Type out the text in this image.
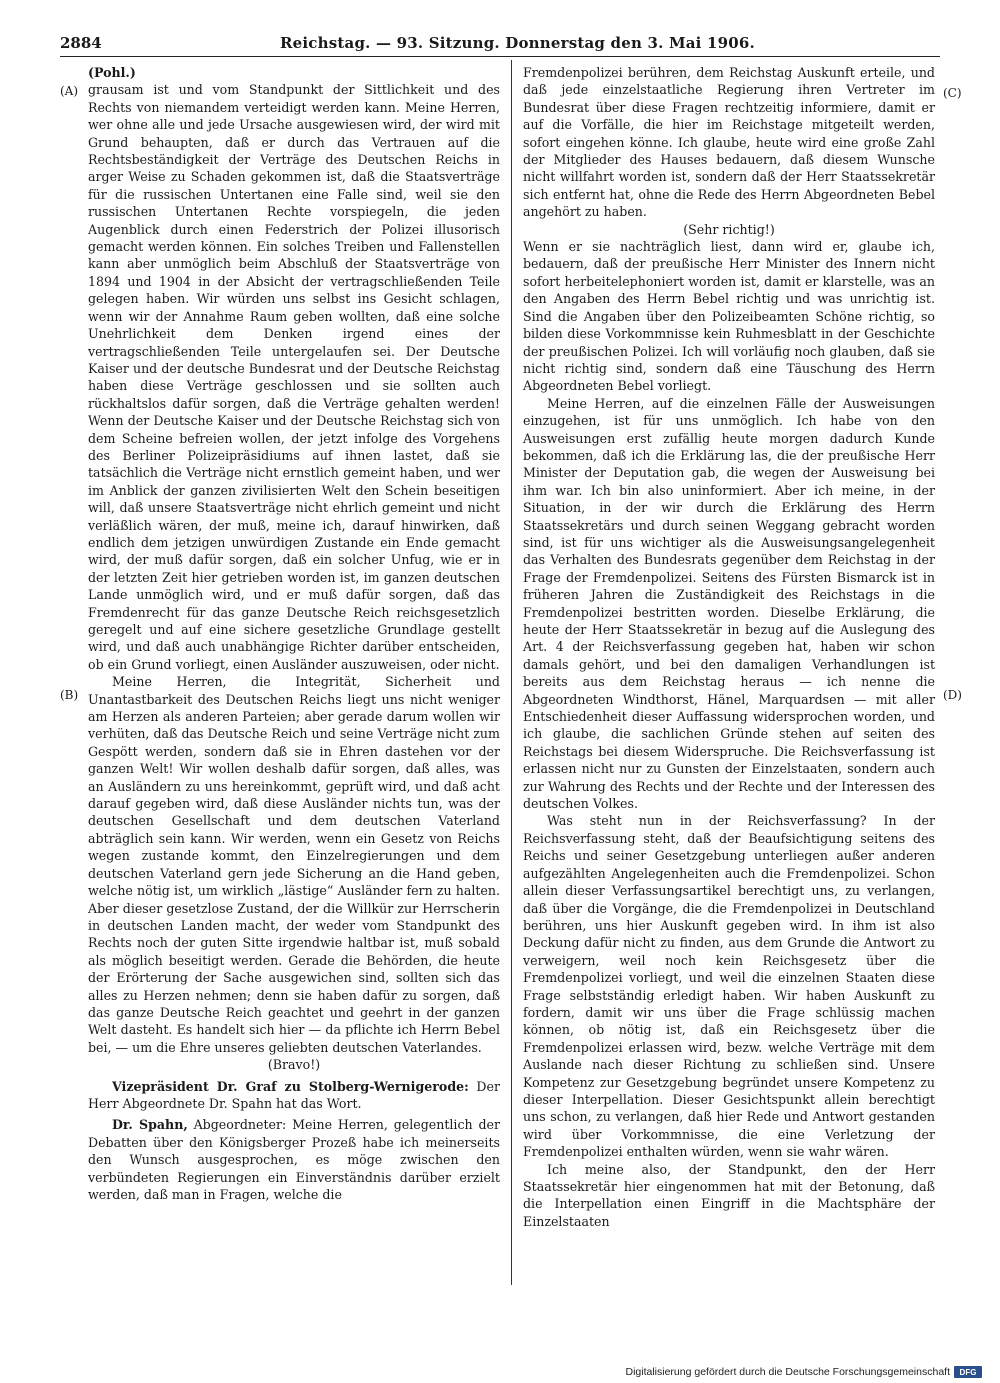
2884	Reichstag. — 93. Sitzung. Donnerstag den 3. Mai 1906.
(A)
(B)
(C)
(D)

(Pohl.)

grausam ist und vom Standpunkt der Sittlichkeit und des Rechts von niemandem verteidigt werden kann. Meine Herren, wer ohne alle und jede Ursache ausgewiesen wird, der wird mit Grund behaupten, daß er durch das Vertrauen auf die Rechtsbeständigkeit der Verträge des Deutschen Reichs in arger Weise zu Schaden gekommen ist, daß die Staatsverträge für die russischen Untertanen eine Falle sind, weil sie den russischen Untertanen Rechte vorspiegeln, die jeden Augenblick durch einen Federstrich der Polizei illusorisch gemacht werden können. Ein solches Treiben und Fallenstellen kann aber unmöglich beim Abschluß der Staatsverträge von 1894 und 1904 in der Absicht der vertragschließenden Teile gelegen haben. Wir würden uns selbst ins Gesicht schlagen, wenn wir der Annahme Raum geben wollten, daß eine solche Unehrlichkeit dem Denken irgend eines der vertragschließenden Teile untergelaufen sei. Der Deutsche Kaiser und der deutsche Bundesrat und der Deutsche Reichstag haben diese Verträge geschlossen und sie sollten auch rückhaltslos dafür sorgen, daß die Verträge gehalten werden! Wenn der Deutsche Kaiser und der Deutsche Reichstag sich von dem Scheine befreien wollen, der jetzt infolge des Vorgehens des Berliner Polizeipräsidiums auf ihnen lastet, daß sie tatsächlich die Verträge nicht ernstlich gemeint haben, und wer im Anblick der ganzen zivilisierten Welt den Schein beseitigen will, daß unsere Staatsverträge nicht ehrlich gemeint und nicht verläßlich wären, der muß, meine ich, darauf hinwirken, daß endlich dem jetzigen unwürdigen Zustande ein Ende gemacht wird, der muß dafür sorgen, daß ein solcher Unfug, wie er in der letzten Zeit hier getrieben worden ist, im ganzen deutschen Lande unmöglich wird, und er muß dafür sorgen, daß das Fremdenrecht für das ganze Deutsche Reich reichsgesetzlich geregelt und auf eine sichere gesetzliche Grundlage gestellt wird, und daß auch unabhängige Richter darüber entscheiden, ob ein Grund vorliegt, einen Ausländer auszuweisen, oder nicht.

Meine Herren, die Integrität, Sicherheit und Unantastbarkeit des Deutschen Reichs liegt uns nicht weniger am Herzen als anderen Parteien; aber gerade darum wollen wir verhüten, daß das Deutsche Reich und seine Verträge nicht zum Gespött werden, sondern daß sie in Ehren dastehen vor der ganzen Welt! Wir wollen deshalb dafür sorgen, daß alles, was an Ausländern zu uns hereinkommt, geprüft wird, und daß acht darauf gegeben wird, daß diese Ausländer nichts tun, was der deutschen Gesellschaft und dem deutschen Vaterland abträglich sein kann. Wir werden, wenn ein Gesetz von Reichs wegen zustande kommt, den Einzelregierungen und dem deutschen Vaterland gern jede Sicherung an die Hand geben, welche nötig ist, um wirklich „lästige“ Ausländer fern zu halten. Aber dieser gesetzlose Zustand, der die Willkür zur Herrscherin in deutschen Landen macht, der weder vom Standpunkt des Rechts noch der guten Sitte irgendwie haltbar ist, muß sobald als möglich beseitigt werden. Gerade die Behörden, die heute der Erörterung der Sache ausgewichen sind, sollten sich das alles zu Herzen nehmen; denn sie haben dafür zu sorgen, daß das ganze Deutsche Reich geachtet und geehrt in der ganzen Welt dasteht. Es handelt sich hier — da pflichte ich Herrn Bebel bei, — um die Ehre unseres geliebten deutschen Vaterlandes.

(Bravo!)

Vizepräsident Dr. Graf zu Stolberg-Wernigerode: Der Herr Abgeordnete Dr. Spahn hat das Wort.

Dr. Spahn, Abgeordneter: Meine Herren, gelegentlich der Debatten über den Königsberger Prozeß habe ich meinerseits den Wunsch ausgesprochen, es möge zwischen den verbündeten Regierungen ein Einverständnis darüber erzielt werden, daß man in Fragen, welche die

Fremdenpolizei berühren, dem Reichstag Auskunft erteile, und daß jede einzelstaatliche Regierung ihren Vertreter im Bundesrat über diese Fragen rechtzeitig informiere, damit er auf die Vorfälle, die hier im Reichstage mitgeteilt werden, sofort eingehen könne. Ich glaube, heute wird eine große Zahl der Mitglieder des Hauses bedauern, daß diesem Wunsche nicht willfahrt worden ist, sondern daß der Herr Staatssekretär sich entfernt hat, ohne die Rede des Herrn Abgeordneten Bebel angehört zu haben.

(Sehr richtig!)

Wenn er sie nachträglich liest, dann wird er, glaube ich, bedauern, daß der preußische Herr Minister des Innern nicht sofort herbeitelephoniert worden ist, damit er klarstelle, was an den Angaben des Herrn Bebel richtig und was unrichtig ist. Sind die Angaben über den Polizeibeamten Schöne richtig, so bilden diese Vorkommnisse kein Ruhmesblatt in der Geschichte der preußischen Polizei. Ich will vorläufig noch glauben, daß sie nicht richtig sind, sondern daß eine Täuschung des Herrn Abgeordneten Bebel vorliegt.

Meine Herren, auf die einzelnen Fälle der Ausweisungen einzugehen, ist für uns unmöglich. Ich habe von den Ausweisungen erst zufällig heute morgen dadurch Kunde bekommen, daß ich die Erklärung las, die der preußische Herr Minister der Deputation gab, die wegen der Ausweisung bei ihm war. Ich bin also uninformiert. Aber ich meine, in der Situation, in der wir durch die Erklärung des Herrn Staatssekretärs und durch seinen Weggang gebracht worden sind, ist für uns wichtiger als die Ausweisungsangelegenheit das Verhalten des Bundesrats gegenüber dem Reichstag in der Frage der Fremdenpolizei. Seitens des Fürsten Bismarck ist in früheren Jahren die Zuständigkeit des Reichstags in die Fremdenpolizei bestritten worden. Dieselbe Erklärung, die heute der Herr Staatssekretär in bezug auf die Auslegung des Art. 4 der Reichsverfassung gegeben hat, haben wir schon damals gehört, und bei den damaligen Verhandlungen ist bereits aus dem Reichstag heraus — ich nenne die Abgeordneten Windthorst, Hänel, Marquardsen — mit aller Entschiedenheit dieser Auffassung widersprochen worden, und ich glaube, die sachlichen Gründe stehen auf seiten des Reichstags bei diesem Widerspruche. Die Reichsverfassung ist erlassen nicht nur zu Gunsten der Einzelstaaten, sondern auch zur Wahrung des Rechts und der Rechte und der Interessen des deutschen Volkes.

Was steht nun in der Reichsverfassung? In der Reichsverfassung steht, daß der Beaufsichtigung seitens des Reichs und seiner Gesetzgebung unterliegen außer anderen aufgezählten Angelegenheiten auch die Fremdenpolizei. Schon allein dieser Verfassungsartikel berechtigt uns, zu verlangen, daß über die Vorgänge, die die Fremdenpolizei in Deutschland berühren, uns hier Auskunft gegeben wird. In ihm ist also Deckung dafür nicht zu finden, aus dem Grunde die Antwort zu verweigern, weil noch kein Reichsgesetz über die Fremdenpolizei vorliegt, und weil die einzelnen Staaten diese Frage selbstständig erledigt haben. Wir haben Auskunft zu fordern, damit wir uns über die Frage schlüssig machen können, ob nötig ist, daß ein Reichsgesetz über die Fremdenpolizei erlassen wird, bezw. welche Verträge mit dem Auslande nach dieser Richtung zu schließen sind. Unsere Kompetenz zur Gesetzgebung begründet unsere Kompetenz zu dieser Interpellation. Dieser Gesichtspunkt allein berechtigt uns schon, zu verlangen, daß hier Rede und Antwort gestanden wird über Vorkommnisse, die eine Verletzung der Fremdenpolizei enthalten würden, wenn sie wahr wären.

Ich meine also, der Standpunkt, den der Herr Staatssekretär hier eingenommen hat mit der Betonung, daß die Interpellation einen Eingriff in die Machtsphäre der Einzelstaaten

Digitalisierung gefördert durch die Deutsche Forschungsgemeinschaft	DFG
